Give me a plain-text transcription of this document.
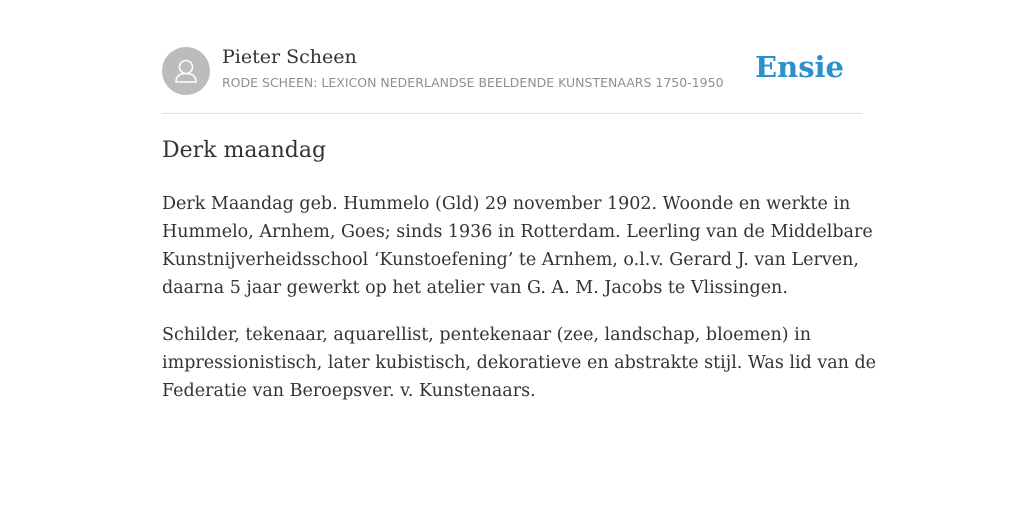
Pieter Scheen
RODE SCHEEN: LEXICON NEDERLANDSE BEELDENDE KUNSTENAARS 1750-1950 Ensie
Derk maandag

Derk Maandag geb. Hummelo (Gld) 29 november 1902. Woonde en werkte in
Hummelo, Arnhem, Goes; sinds 1936 in Rotterdam. Leerling van de Middelbare
Kunstnijverheidsschool ‘Kunstoefening’ te Arnhem, o.l.v. Gerard J. van Lerven,
daarna 5 jaar gewerkt op het atelier van G. A. M. Jacobs te Vlissingen.

Schilder, tekenaar, aquarellist, pentekenaar (zee, landschap, bloemen) in
impressionistisch, later kubistisch, dekoratieve en abstrakte stijl. Was lid van de
Federatie van Beroepsver. v. Kunstenaars.
